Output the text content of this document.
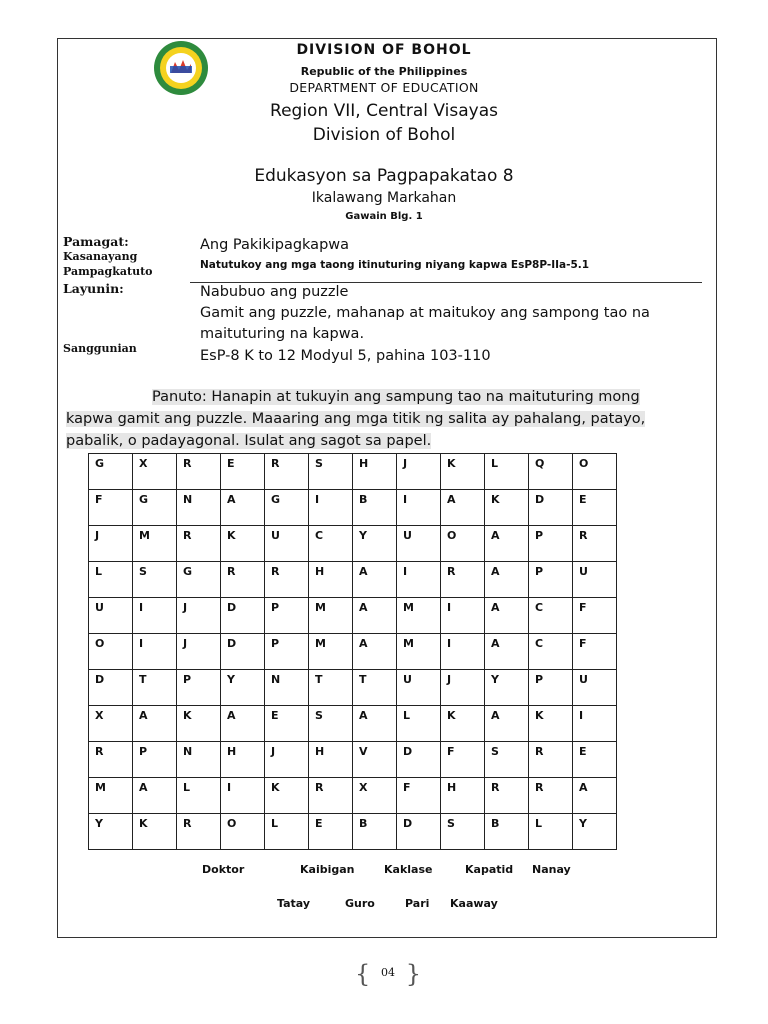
DIVISION OF BOHOL
Republic of the Philippines
DEPARTMENT OF EDUCATION
Region VII, Central Visayas
Division of Bohol
Edukasyon sa Pagpapakatao 8
Ikalawang Markahan
Gawain Blg. 1
Pamagat:
Kasanayang
Pampagkatuto
Layunin:
Sanggunian
Ang Pakikipagkapwa
Natutukoy ang mga taong itinuturing niyang kapwa EsP8P-IIa-5.1
Nabubuo ang puzzle
Gamit ang puzzle, mahanap at maitukoy ang sampong tao na
maituturing na kapwa.
EsP-8 K to 12 Modyul 5, pahina 103-110
Panuto: Hanapin at tukuyin ang sampung tao na maituturing mong
kapwa gamit ang puzzle. Maaaring ang mga titik ng salita ay pahalang, patayo,
pabalik, o padayagonal. Isulat ang sagot sa papel.
G	X	R	E	R	S	H	J	K	L	Q	O

F	G	N	A	G	I	B	I	A	K	D	E

J	M	R	K	U	C	Y	U	O	A	P	R

L	S	G	R	R	H	A	I	R	A	P	U

U	I	J	D	P	M	A	M	I	A	C	F

O	I	J	D	P	M	A	M	I	A	C	F

D	T	P	Y	N	T	T	U	J	Y	P	U

X	A	K	A	E	S	A	L	K	A	K	I

R	P	N	H	J	H	V	D	F	S	R	E

M	A	L	I	K	R	X	F	H	R	R	A

Y	K	R	O	L	E	B	D	S	B	L	Y
Doktor	Kaibigan	Kaklase	Kapatid Nanay
Tatay	Guro	Pari Kaaway
{ 04 }
